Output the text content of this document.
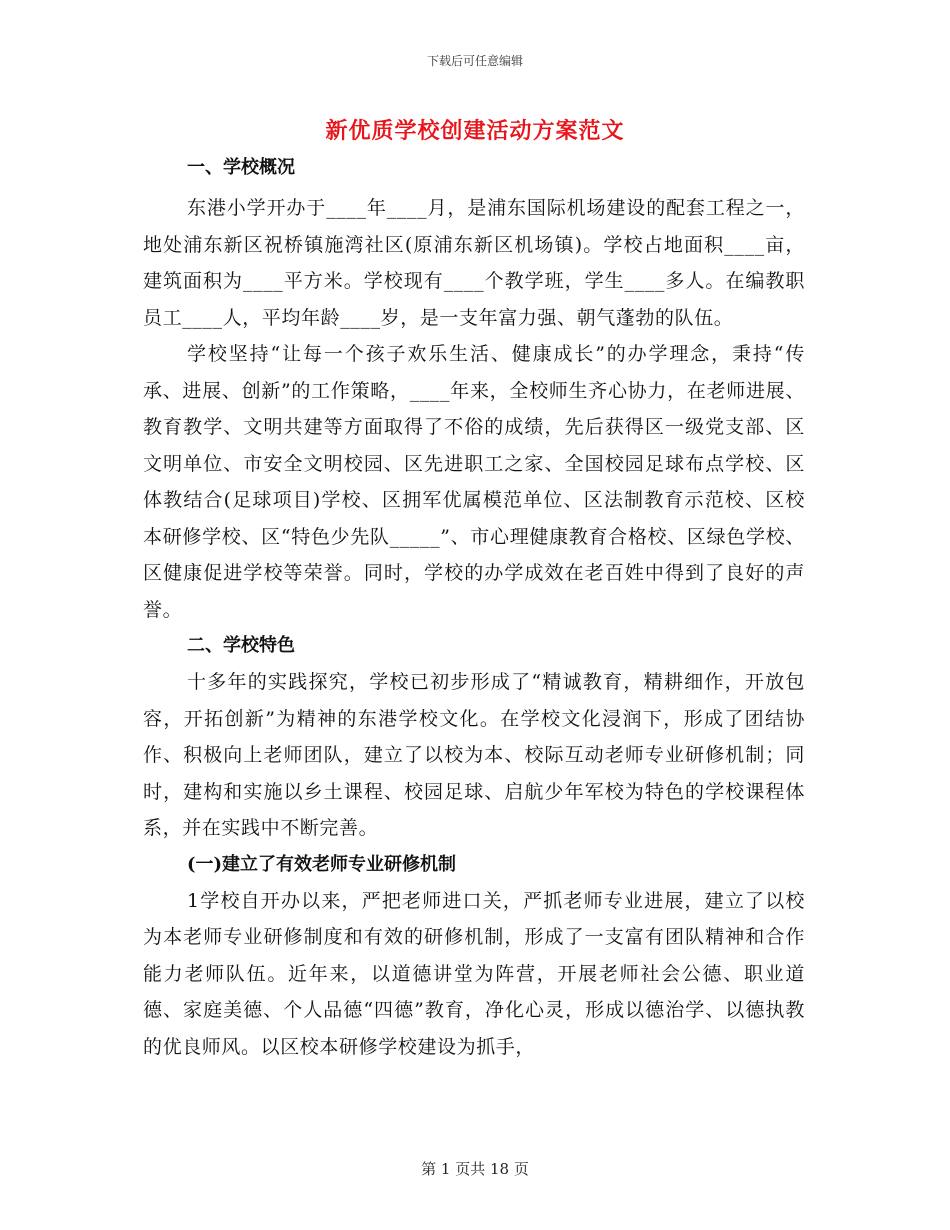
下载后可任意编辑
新优质学校创建活动方案范文
一、学校概况

东港小学开办于____年____月，是浦东国际机场建设的配套工程之一，地处浦东新区祝桥镇施湾社区(原浦东新区机场镇)。学校占地面积____亩，建筑面积为____平方米。学校现有____个教学班，学生____多人。在编教职员工____人，平均年龄____岁，是一支年富力强、朝气蓬勃的队伍。

学校坚持“让每一个孩子欢乐生活、健康成长”的办学理念，秉持“传承、进展、创新”的工作策略，____年来，全校师生齐心协力，在老师进展、教育教学、文明共建等方面取得了不俗的成绩，先后获得区一级党支部、区文明单位、市安全文明校园、区先进职工之家、全国校园足球布点学校、区体教结合(足球项目)学校、区拥军优属模范单位、区法制教育示范校、区校本研修学校、区“特色少先队_____”、市心理健康教育合格校、区绿色学校、区健康促进学校等荣誉。同时，学校的办学成效在老百姓中得到了良好的声誉。

二、学校特色

十多年的实践探究，学校已初步形成了“精诚教育，精耕细作，开放包容，开拓创新”为精神的东港学校文化。在学校文化浸润下，形成了团结协作、积极向上老师团队，建立了以校为本、校际互动老师专业研修机制；同时，建构和实施以乡土课程、校园足球、启航少年军校为特色的学校课程体系，并在实践中不断完善。

(一)建立了有效老师专业研修机制

1学校自开办以来，严把老师进口关，严抓老师专业进展，建立了以校为本老师专业研修制度和有效的研修机制，形成了一支富有团队精神和合作能力老师队伍。近年来，以道德讲堂为阵营，开展老师社会公德、职业道德、家庭美德、个人品德“四德”教育，净化心灵，形成以德治学、以德执教的优良师风。以区校本研修学校建设为抓手，

第 1 页共 18 页
